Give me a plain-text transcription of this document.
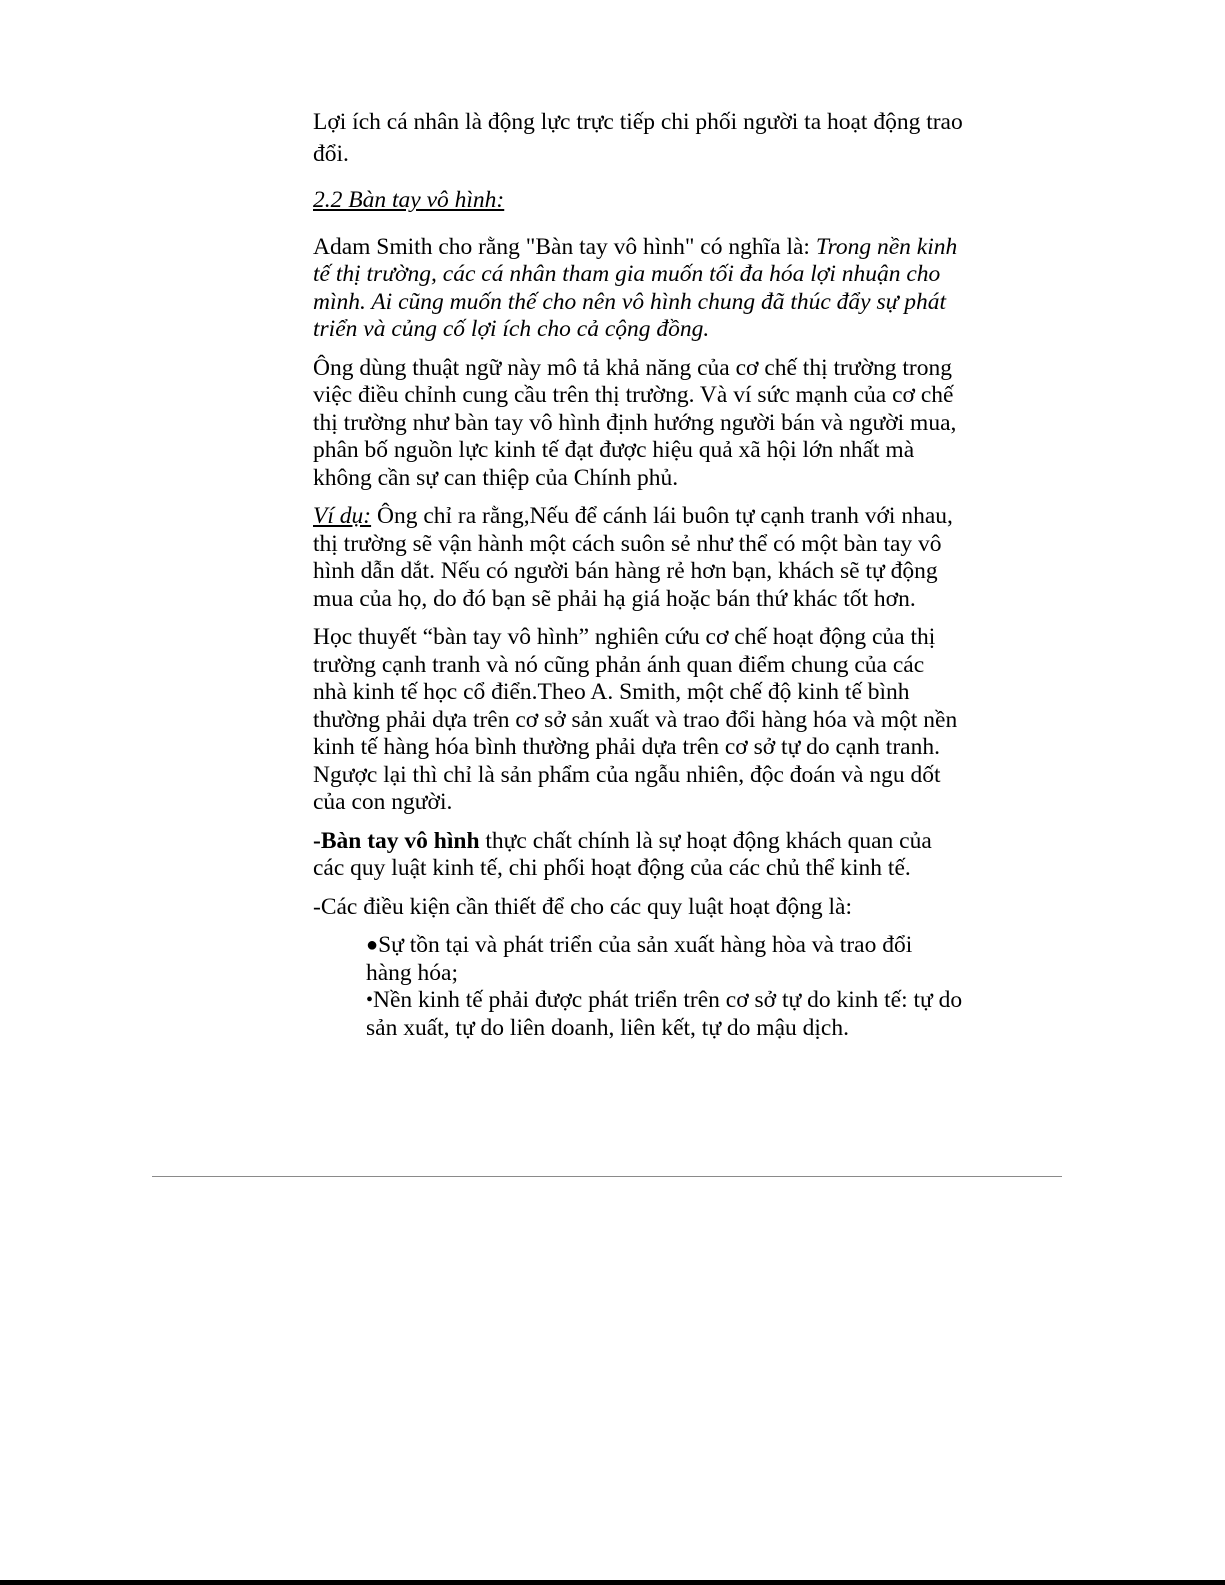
Lợi ích cá nhân là động lực trực tiếp chi phối người ta hoạt động trao đổi.

2.2 Bàn tay vô hình:

Adam Smith cho rằng "Bàn tay vô hình" có nghĩa là: Trong nền kinh tế thị trường, các cá nhân tham gia muốn tối đa hóa lợi nhuận cho mình. Ai cũng muốn thế cho nên vô hình chung đã thúc đẩy sự phát triển và củng cố lợi ích cho cả cộng đồng.

Ông dùng thuật ngữ này mô tả khả năng của cơ chế thị trường trong việc điều chỉnh cung cầu trên thị trường. Và ví sức mạnh của cơ chế thị trường như bàn tay vô hình định hướng người bán và người mua, phân bố nguồn lực kinh tế đạt được hiệu quả xã hội lớn nhất mà không cần sự can thiệp của Chính phủ.

Ví dụ: Ông chỉ ra rằng,Nếu để cánh lái buôn tự cạnh tranh với nhau, thị trường sẽ vận hành một cách suôn sẻ như thể có một bàn tay vô hình dẫn dắt. Nếu có người bán hàng rẻ hơn bạn, khách sẽ tự động mua của họ, do đó bạn sẽ phải hạ giá hoặc bán thứ khác tốt hơn.

Học thuyết “bàn tay vô hình” nghiên cứu cơ chế hoạt động của thị trường cạnh tranh và nó cũng phản ánh quan điểm chung của các nhà kinh tế học cổ điển.Theo A. Smith, một chế độ kinh tế bình thường phải dựa trên cơ sở sản xuất và trao đổi hàng hóa và một nền kinh tế hàng hóa bình thường phải dựa trên cơ sở tự do cạnh tranh. Ngược lại thì chỉ là sản phẩm của ngẫu nhiên, độc đoán và ngu dốt của con người.

-Bàn tay vô hình thực chất chính là sự hoạt động khách quan của các quy luật kinh tế, chi phối hoạt động của các chủ thể kinh tế.

-Các điều kiện cần thiết để cho các quy luật hoạt động là:

●Sự tồn tại và phát triển của sản xuất hàng hòa và trao đổi hàng hóa;

•Nền kinh tế phải được phát triển trên cơ sở tự do kinh tế: tự do sản xuất, tự do liên doanh, liên kết, tự do mậu dịch.
